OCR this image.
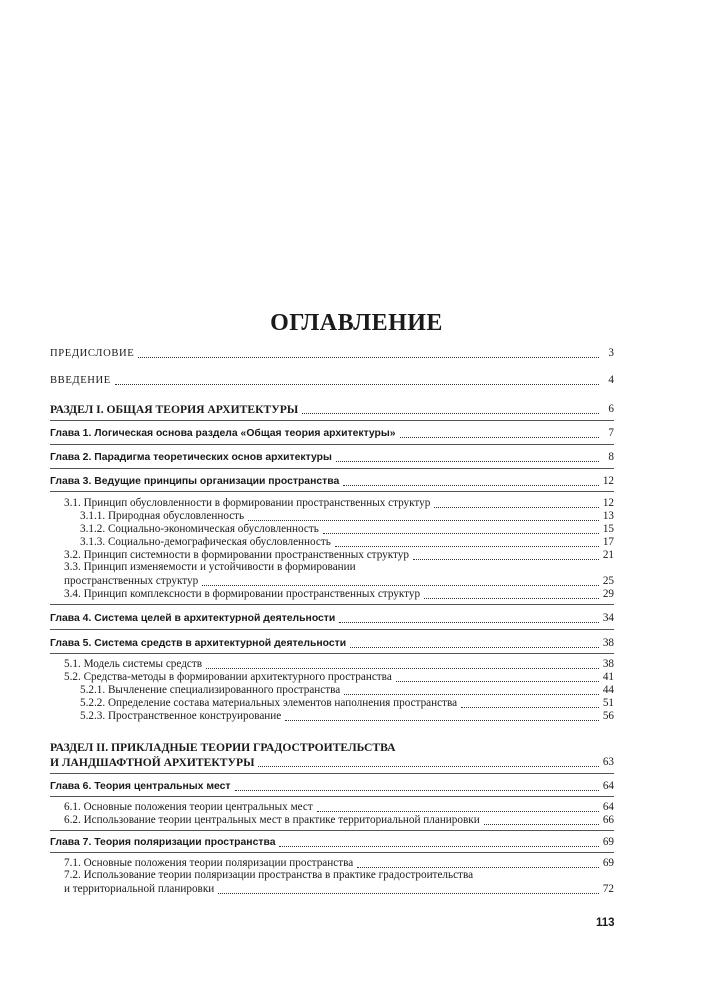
ОГЛАВЛЕНИЕ
ПРЕДИСЛОВИЕ	3
ВВЕДЕНИЕ	4
РАЗДЕЛ I. ОБЩАЯ ТЕОРИЯ АРХИТЕКТУРЫ	6
Глава 1. Логическая основа раздела «Общая теория архитектуры»	7
Глава 2. Парадигма теоретических основ архитектуры	8
Глава 3. Ведущие принципы организации пространства	12
3.1. Принцип обусловленности в формировании пространственных структур	12
3.1.1. Природная обусловленность	13
3.1.2. Социально-экономическая обусловленность	15
3.1.3. Социально-демографическая обусловленность	17
3.2. Принцип системности в формировании пространственных структур	21
3.3. Принцип изменяемости и устойчивости в формировании
пространственных структур	25
3.4. Принцип комплексности в формировании пространственных структур	29
Глава 4. Система целей в архитектурной деятельности	34
Глава 5. Система средств в архитектурной деятельности	38
5.1. Модель системы средств	38
5.2. Средства-методы в формировании архитектурного пространства	41
5.2.1. Вычленение специализированного пространства	44
5.2.2. Определение состава материальных элементов наполнения пространства	51
5.2.3. Пространственное конструирование	56
РАЗДЕЛ II. ПРИКЛАДНЫЕ ТЕОРИИ ГРАДОСТРОИТЕЛЬСТВА
И ЛАНДШАФТНОЙ АРХИТЕКТУРЫ	63
Глава 6. Теория центральных мест	64
6.1. Основные положения теории центральных мест	64
6.2. Использование теории центральных мест в практике территориальной планировки	66
Глава 7. Теория поляризации пространства	69
7.1. Основные положения теории поляризации пространства	69
7.2. Использование теории поляризации пространства в практике градостроительства
и территориальной планировки	72
113
